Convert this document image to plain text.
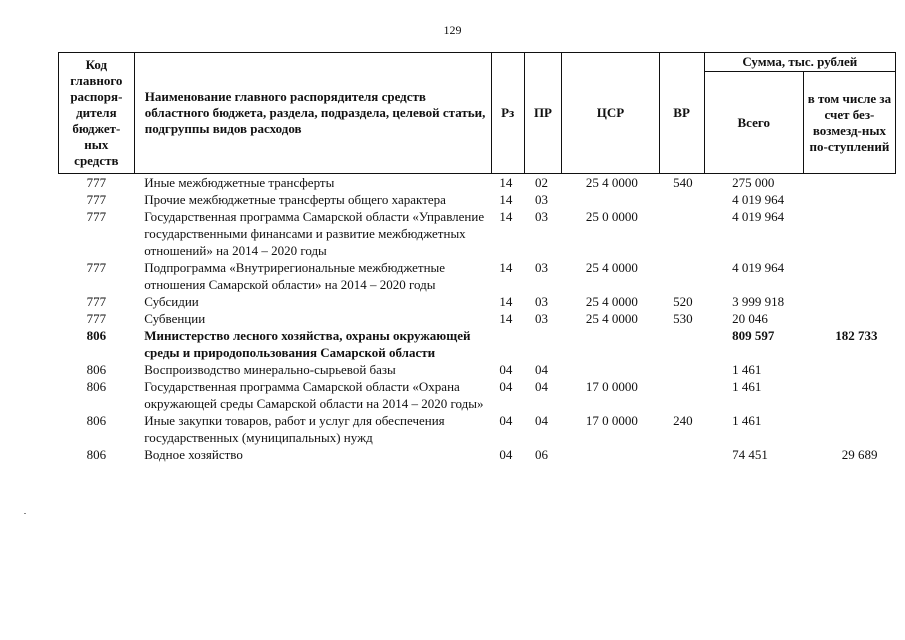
129
Код главного распоря-дителя бюджет-ных средств	Наименование главного распорядителя средств областного бюджета, раздела, подраздела, целевой статьи, подгруппы видов расходов	Рз	ПР	ЦСР	ВР	Сумма, тыс. рублей	
						Всего	в том числе за счет без-возмезд-ных по-ступлений
777	Иные межбюджетные трансферты	14	02	25 4 0000	540	275 000	
777	Прочие межбюджетные трансферты общего характера	14	03			4 019 964	
777	Государственная программа Самарской области «Управление государственными финансами и развитие межбюджетных отношений» на 2014 – 2020 годы	14	03	25 0 0000		4 019 964	
777	Подпрограмма «Внутрирегиональные межбюджетные отношения Самарской области» на 2014 – 2020 годы	14	03	25 4 0000		4 019 964	
777	Субсидии	14	03	25 4 0000	520	3 999 918	
777	Субвенции	14	03	25 4 0000	530	20 046	
806	Министерство лесного хозяйства, охраны окружающей среды и природопользования Самарской области					809 597	182 733
806	Воспроизводство минерально-сырьевой базы	04	04			1 461	
806	Государственная программа Самарской области «Охрана окружающей среды Самарской области на 2014 – 2020 годы»	04	04	17 0 0000		1 461	
806	Иные закупки товаров, работ и услуг для обеспечения государственных (муниципальных) нужд	04	04	17 0 0000	240	1 461	
806	Водное хозяйство	04	06			74 451	29 689
